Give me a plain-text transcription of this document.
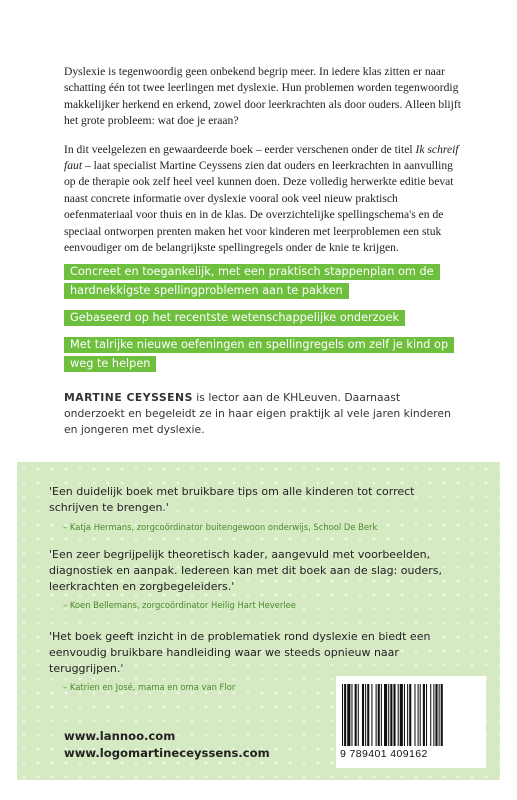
Dyslexie is tegenwoordig geen onbekend begrip meer. In iedere klas zitten er naar schatting één tot twee leerlingen met dyslexie. Hun problemen worden tegenwoordig makkelijker herkend en erkend, zowel door leerkrachten als door ouders. Alleen blijft het grote probleem: wat doe je eraan?

In dit veelgelezen en gewaardeerde boek – eerder verschenen onder de titel Ik schreif faut – laat specialist Martine Ceyssens zien dat ouders en leerkrachten in aanvulling op de therapie ook zelf heel veel kunnen doen. Deze volledig herwerkte editie bevat naast concrete informatie over dyslexie vooral ook veel nieuw praktisch oefenmateriaal voor thuis en in de klas. De overzichtelijke spellingschema's en de speciaal ontworpen prenten maken het voor kinderen met leerproblemen een stuk eenvoudiger om de belangrijkste spellingregels onder de knie te krijgen.

Concreet en toegankelijk, met een praktisch stappenplan om de hardnekkigste spellingproblemen aan te pakken
Gebaseerd op het recentste wetenschappelijke onderzoek
Met talrijke nieuwe oefeningen en spellingregels om zelf je kind op weg te helpen
MARTINE CEYSSENS is lector aan de KHLeuven. Daarnaast onderzoekt en begeleidt ze in haar eigen praktijk al vele jaren kinderen en jongeren met dyslexie.
'Een duidelijk boek met bruikbare tips om alle kinderen tot correct schrijven te brengen.'
– Katja Hermans, zorgcoördinator buitengewoon onderwijs, School De Berk
'Een zeer begrijpelijk theoretisch kader, aangevuld met voorbeelden, diagnostiek en aanpak. Iedereen kan met dit boek aan de slag: ouders, leerkrachten en zorgbegeleiders.'
– Koen Bellemans, zorgcoördinator Heilig Hart Heverlee
'Het boek geeft inzicht in de problematiek rond dyslexie en biedt een eenvoudig bruikbare handleiding waar we steeds opnieuw naar teruggrijpen.'
– Katrien en José, mama en oma van Flor
www.lannoo.com
www.logomartineceyssens.com	9 789401 409162
